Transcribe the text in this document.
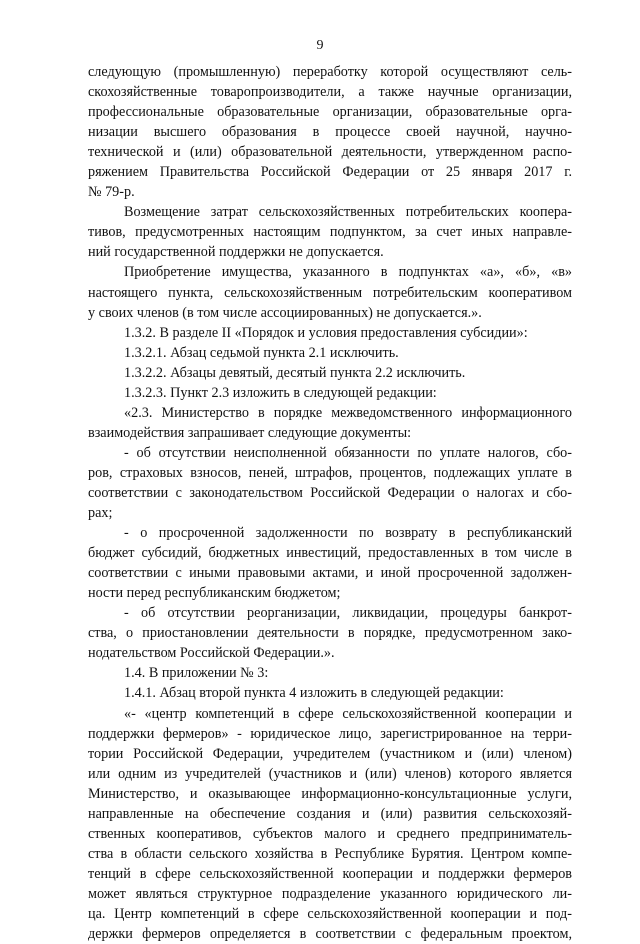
9
следующую (промышленную) переработку которой осуществляют сель-
скохозяйственные товаропроизводители, а также научные организации,
профессиональные образовательные организации, образовательные орга-
низации высшего образования в процессе своей научной, научно-
технической и (или) образовательной деятельности, утвержденном распо-
ряжением Правительства Российской Федерации от 25 января 2017 г.
№ 79-р.
Возмещение затрат сельскохозяйственных потребительских коопера-
тивов, предусмотренных настоящим подпунктом, за счет иных направле-
ний государственной поддержки не допускается.
Приобретение имущества, указанного в подпунктах «а», «б», «в»
настоящего пункта, сельскохозяйственным потребительским кооперативом
у своих членов (в том числе ассоциированных) не допускается.».
1.3.2. В разделе II «Порядок и условия предоставления субсидии»:
1.3.2.1. Абзац седьмой пункта 2.1 исключить.
1.3.2.2. Абзацы девятый, десятый пункта 2.2 исключить.
1.3.2.3. Пункт 2.3 изложить в следующей редакции:
«2.3. Министерство в порядке межведомственного информационного
взаимодействия запрашивает следующие документы:
- об отсутствии неисполненной обязанности по уплате налогов, сбо-
ров, страховых взносов, пеней, штрафов, процентов, подлежащих уплате в
соответствии с законодательством Российской Федерации о налогах и сбо-
рах;
- о просроченной задолженности по возврату в республиканский
бюджет субсидий, бюджетных инвестиций, предоставленных в том числе в
соответствии с иными правовыми актами, и иной просроченной задолжен-
ности перед республиканским бюджетом;
- об отсутствии реорганизации, ликвидации, процедуры банкрот-
ства, о приостановлении деятельности в порядке, предусмотренном зако-
нодательством Российской Федерации.».
1.4. В приложении № 3:
1.4.1. Абзац второй пункта 4 изложить в следующей редакции:
«- «центр компетенций в сфере сельскохозяйственной кооперации и
поддержки фермеров» - юридическое лицо, зарегистрированное на терри-
тории Российской Федерации, учредителем (участником и (или) членом)
или одним из учредителей (участников и (или) членов) которого является
Министерство, и оказывающее информационно-консультационные услуги,
направленные на обеспечение создания и (или) развития сельскохозяй-
ственных кооперативов, субъектов малого и среднего предприниматель-
ства в области сельского хозяйства в Республике Бурятия. Центром компе-
тенций в сфере сельскохозяйственной кооперации и поддержки фермеров
может являться структурное подразделение указанного юридического ли-
ца. Центр компетенций в сфере сельскохозяйственной кооперации и под-
держки фермеров определяется в соответствии с федеральным проектом,
